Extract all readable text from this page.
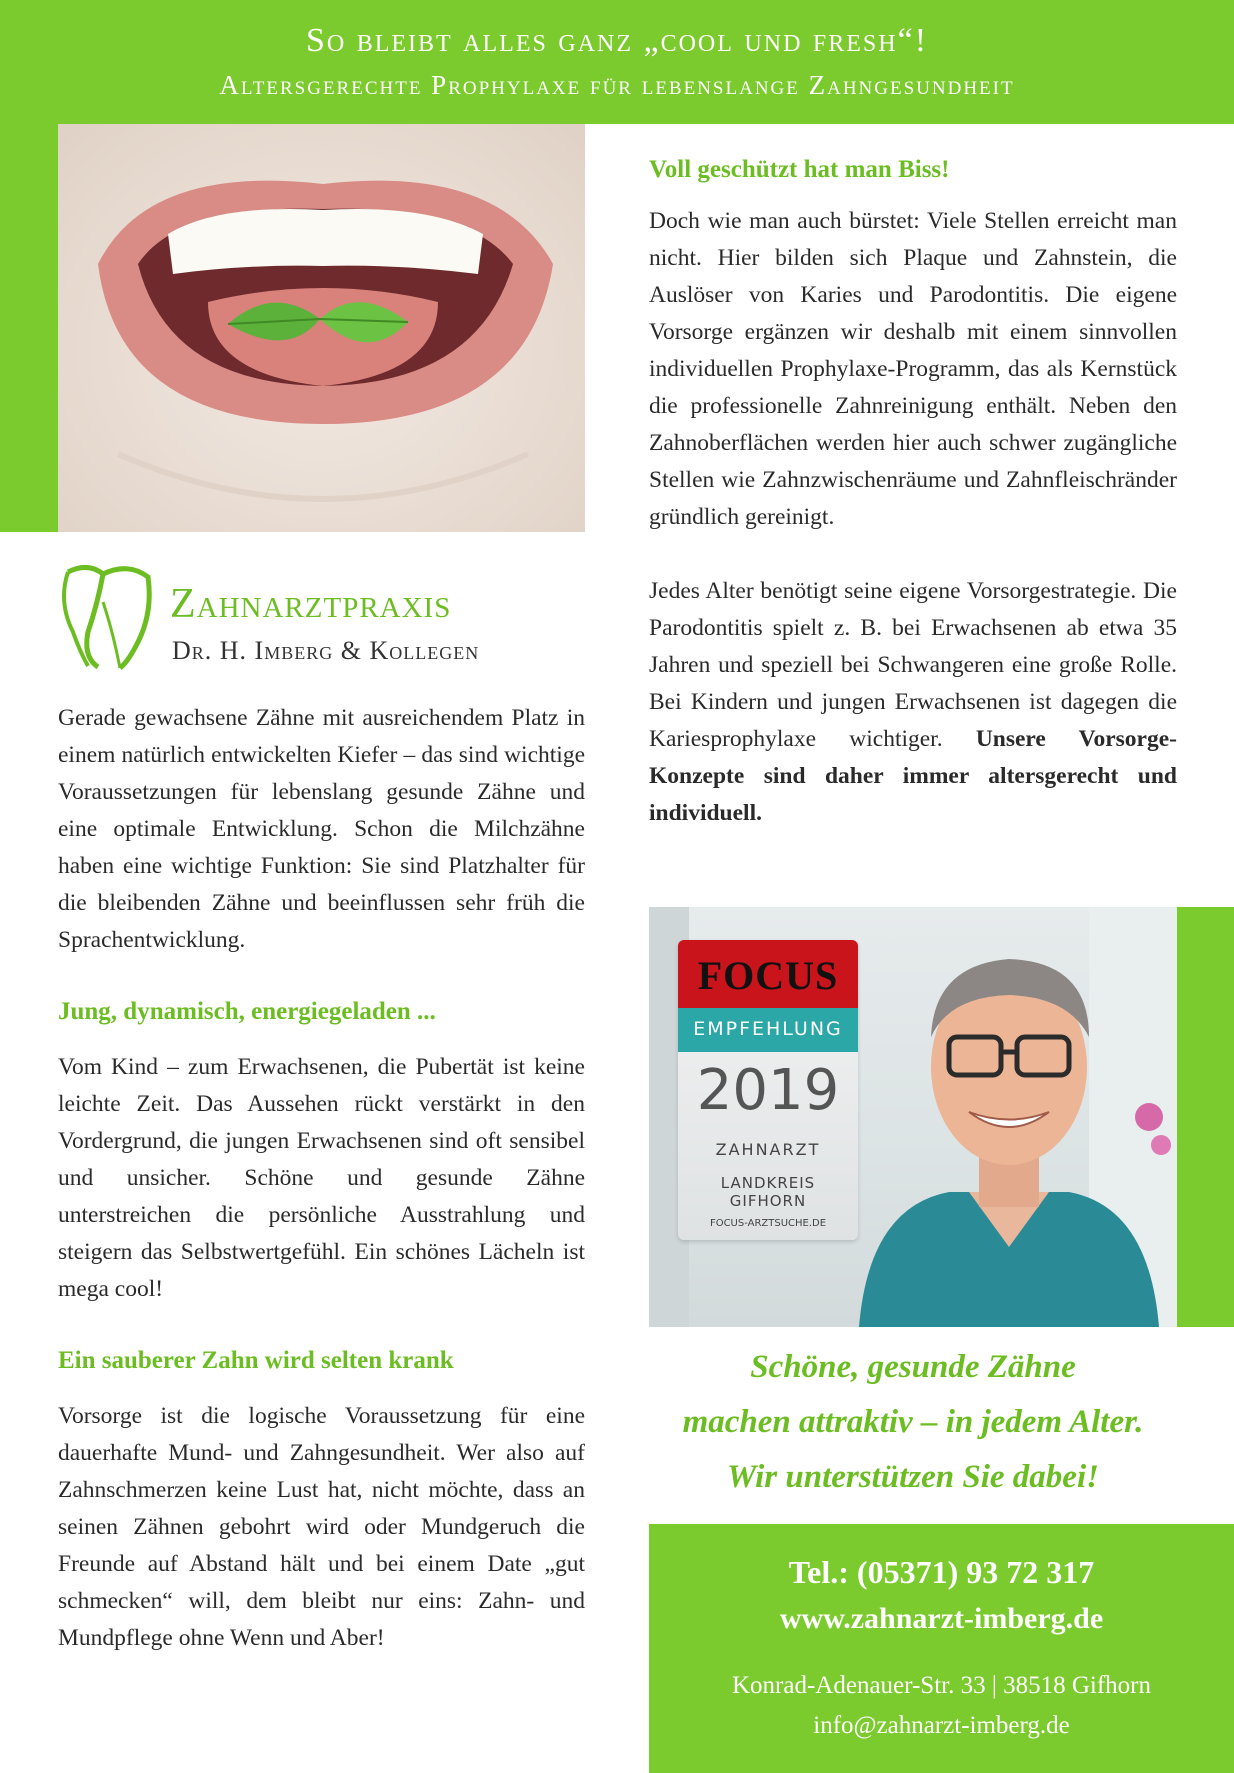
So bleibt alles ganz „cool und fresh“!
Altersgerechte Prophylaxe für lebenslange Zahngesundheit
Zahnarztpraxis
Dr. H. Imberg & Kollegen

Gerade gewachsene Zähne mit ausreichendem Platz in einem natürlich entwickelten Kiefer – das sind wichtige Voraussetzungen für lebenslang gesunde Zähne und eine optimale Entwicklung. Schon die Milchzähne haben eine wichtige Funktion: Sie sind Platzhalter für die bleibenden Zähne und beeinflussen sehr früh die Sprachentwicklung.

Jung, dynamisch, energiegeladen ...

Vom Kind – zum Erwachsenen, die Pubertät ist keine leichte Zeit. Das Aussehen rückt verstärkt in den Vordergrund, die jungen Erwachsenen sind oft sensibel und unsicher. Schöne und gesunde Zähne unterstreichen die persönliche Ausstrahlung und steigern das Selbstwertgefühl. Ein schönes Lächeln ist mega cool!

Ein sauberer Zahn wird selten krank

Vorsorge ist die logische Voraussetzung für eine dauerhafte Mund- und Zahngesundheit. Wer also auf Zahnschmerzen keine Lust hat, nicht möchte, dass an seinen Zähnen gebohrt wird oder Mundgeruch die Freunde auf Abstand hält und bei einem Date „gut schmecken“ will, dem bleibt nur eins: Zahn- und Mundpflege ohne Wenn und Aber!

Voll geschützt hat man Biss!

Doch wie man auch bürstet: Viele Stellen erreicht man nicht. Hier bilden sich Plaque und Zahnstein, die Auslöser von Karies und Parodontitis. Die eigene Vorsorge ergänzen wir deshalb mit einem sinnvollen individuellen Prophylaxe-Programm, das als Kernstück die professionelle Zahnreinigung enthält. Neben den Zahnoberflächen werden hier auch schwer zugängliche Stellen wie Zahnzwischenräume und Zahnfleischränder gründlich gereinigt.

Jedes Alter benötigt seine eigene Vorsorgestrategie. Die Parodontitis spielt z. B. bei Erwachsenen ab etwa 35 Jahren und speziell bei Schwangeren eine große Rolle. Bei Kindern und jungen Erwachsenen ist dagegen die Kariesprophylaxe wichtiger. Unsere Vorsorge-Konzepte sind daher immer altersgerecht und individuell.

FOCUS
EMPFEHLUNG
2019
ZAHNARZT
LANDKREIS
GIFHORN
FOCUS-ARZTSUCHE.DE
Schöne, gesunde Zähne
machen attraktiv – in jedem Alter.
Wir unterstützen Sie dabei!
Tel.: (05371) 93 72 317
www.zahnarzt-imberg.de
Konrad-Adenauer-Str. 33 | 38518 Gifhorn
info@zahnarzt-imberg.de
